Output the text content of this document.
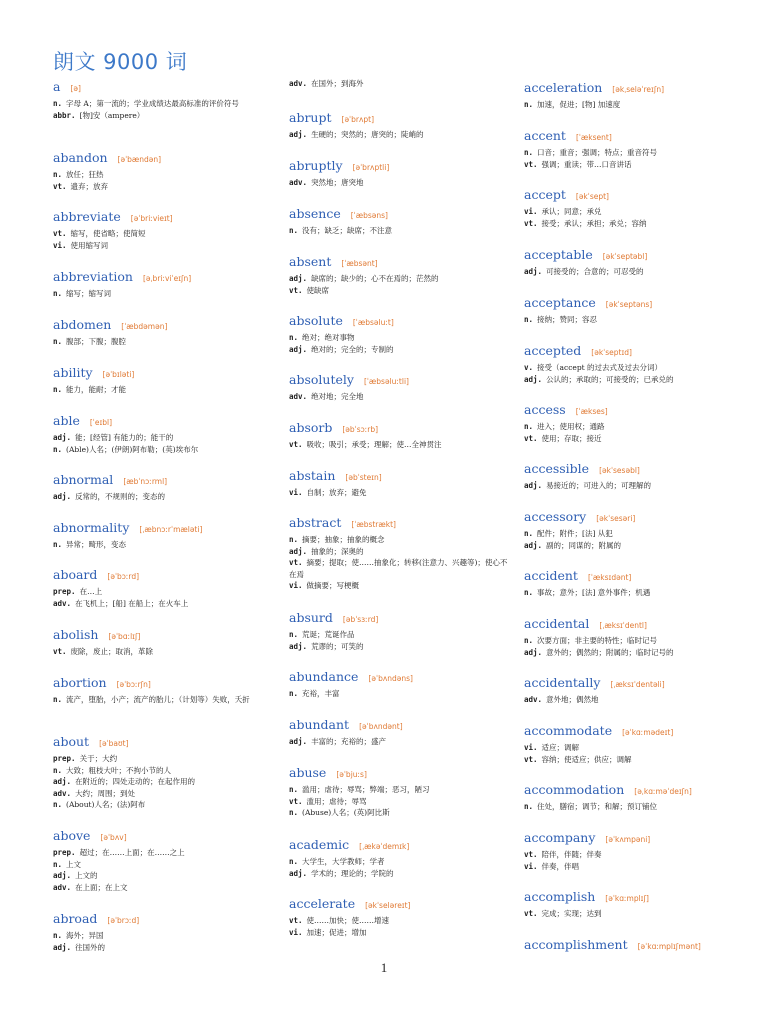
朗文 9000 词
a [ə]
n. 字母 A；第一流的；学业成绩达最高标准的评价符号
abbr. [物]安（ampere）
abandon [əˈbændən]
n. 放任；狂热
vt. 遗弃；放弃
abbreviate [əˈbriːvieɪt]
vt. 缩写，使省略；使简短
vi. 使用缩写词
abbreviation [əˌbriːviˈeɪʃn]
n. 缩写；缩写词
abdomen [ˈæbdəmən]
n. 腹部；下腹；腹腔
ability [əˈbɪləti]
n. 能力，能耐；才能
able [ˈeɪbl]
adj. 能；[经管] 有能力的；能干的
n. (Able)人名；(伊朗)阿布勒；(英)埃布尔
abnormal [æbˈnɔːrml]
adj. 反常的，不规则的；变态的
abnormality [ˌæbnɔːrˈmæləti]
n. 异常；畸形，变态
aboard [əˈbɔːrd]
prep. 在…上
adv. 在飞机上；[船] 在船上；在火车上
abolish [əˈbɑːlɪʃ]
vt. 废除，废止；取消，革除
abortion [əˈbɔːrʃn]
n. 流产，堕胎，小产；流产的胎儿；（计划等）失败，夭折
about [əˈbaʊt]
prep. 关于；大约
n. 大致；粗枝大叶；不拘小节的人
adj. 在附近的；四处走动的；在起作用的
adv. 大约；周围；到处
n. (About)人名；(法)阿布
above [əˈbʌv]
prep. 超过；在……上面；在……之上
n. 上文
adj. 上文的
adv. 在上面；在上文
abroad [əˈbrɔːd]
n. 海外；异国
adj. 往国外的
adv. 在国外；到海外
abrupt [əˈbrʌpt]
adj. 生硬的；突然的；唐突的；陡峭的
abruptly [əˈbrʌptli]
adv. 突然地；唐突地
absence [ˈæbsəns]
n. 没有；缺乏；缺席；不注意
absent [ˈæbsənt]
adj. 缺席的；缺少的；心不在焉的；茫然的
vt. 使缺席
absolute [ˈæbsəluːt]
n. 绝对；绝对事物
adj. 绝对的；完全的；专制的
absolutely [ˈæbsəluːtli]
adv. 绝对地；完全地
absorb [əbˈsɔːrb]
vt. 吸收；吸引；承受；理解；使…全神贯注
abstain [əbˈsteɪn]
vi. 自制；放弃；避免
abstract [ˈæbstrækt]
n. 摘要；抽象；抽象的概念
adj. 抽象的；深奥的
vt. 摘要；提取；使……抽象化；转移(注意力、兴趣等)；使心不在焉
vi. 做摘要；写梗概
absurd [əbˈsɜːrd]
n. 荒诞；荒诞作品
adj. 荒谬的；可笑的
abundance [əˈbʌndəns]
n. 充裕，丰富
abundant [əˈbʌndənt]
adj. 丰富的；充裕的；盛产
abuse [əˈbjuːs]
n. 滥用；虐待；辱骂；弊端；恶习，陋习
vt. 滥用；虐待；辱骂
n. (Abuse)人名；(英)阿比斯
academic [ˌækəˈdemɪk]
n. 大学生，大学教师；学者
adj. 学术的；理论的；学院的
accelerate [əkˈseləreɪt]
vt. 使……加快；使……增速
vi. 加速；促进；增加
acceleration [əkˌseləˈreɪʃn]
n. 加速，促进；[物] 加速度
accent [ˈæksent]
n. 口音；重音；强调；特点；重音符号
vt. 强调；重读；带…口音讲话
accept [əkˈsept]
vi. 承认；同意；承兑
vt. 接受；承认；承担；承兑；容纳
acceptable [əkˈseptəbl]
adj. 可接受的；合意的；可忍受的
acceptance [əkˈseptəns]
n. 接纳；赞同；容忍
accepted [əkˈseptɪd]
v. 接受（accept 的过去式及过去分词）
adj. 公认的；承取的；可接受的；已承兑的
access [ˈækses]
n. 进入；使用权；通路
vt. 使用；存取；接近
accessible [əkˈsesəbl]
adj. 易接近的；可进入的；可理解的
accessory [əkˈsesəri]
n. 配件；附件；[法] 从犯
adj. 副的；同谋的；附属的
accident [ˈæksɪdənt]
n. 事故；意外；[法] 意外事件；机遇
accidental [ˌæksɪˈdentl]
n. 次要方面；非主要的特性；临时记号
adj. 意外的；偶然的；附属的；临时记号的
accidentally [ˌæksɪˈdentəli]
adv. 意外地；偶然地
accommodate [əˈkɑːmədeɪt]
vi. 适应；调解
vt. 容纳；使适应；供应；调解
accommodation [əˌkɑːməˈdeɪʃn]
n. 住处，膳宿；调节；和解；预订铺位
accompany [əˈkʌmpəni]
vt. 陪伴，伴随；伴奏
vi. 伴奏，伴唱
accomplish [əˈkɑːmplɪʃ]
vt. 完成；实现；达到
accomplishment [əˈkɑːmplɪʃmənt]
1
